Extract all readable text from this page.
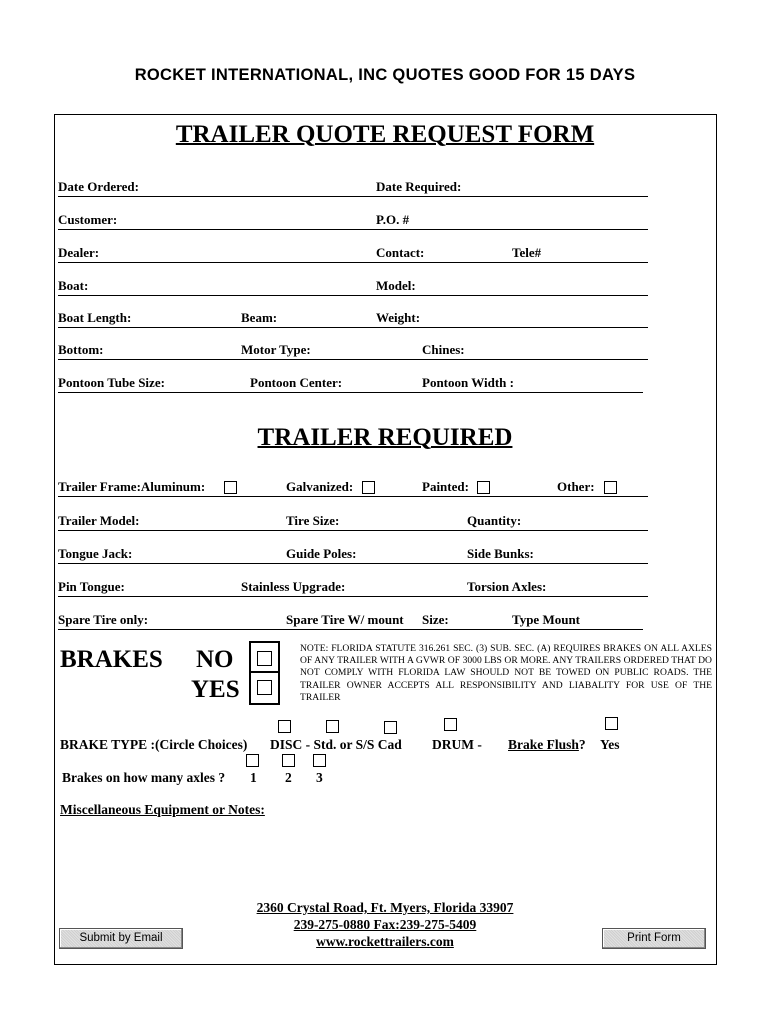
ROCKET INTERNATIONAL, INC QUOTES GOOD FOR 15 DAYS
TRAILER QUOTE REQUEST FORM
Date Ordered:	Date Required:
Customer:	P.O. #
Dealer:	Contact:	Tele#
Boat:	Model:
Boat Length:	Beam:	Weight:
Bottom:	Motor Type:	Chines:
Pontoon Tube Size:	Pontoon Center:	Pontoon Width :
TRAILER REQUIRED
Trailer Frame:Aluminum:	Galvanized:	Painted:	Other:
Trailer Model:	Tire Size:	Quantity:
Tongue Jack:	Guide Poles:	Side Bunks:
Pin Tongue:	Stainless Upgrade:	Torsion Axles:
Spare Tire only:	Spare Tire W/ mount Size:	Type Mount
BRAKES NO
YES
NOTE: FLORIDA STATUTE 316.261 SEC. (3) SUB. SEC. (A) REQUIRES BRAKES ON ALL AXLES OF ANY TRAILER WITH A GVWR OF 3000 LBS OR MORE. ANY TRAILERS ORDERED THAT DO NOT COMPLY WITH FLORIDA LAW SHOULD NOT BE TOWED ON PUBLIC ROADS. THE TRAILER OWNER ACCEPTS ALL RESPONSIBILITY AND LIABALITY FOR USE OF THE TRAILER
BRAKE TYPE :(Circle Choices) DISC - Std. or S/S Cad DRUM - Brake Flush? Yes
Brakes on how many axles ? 1 2 3
Miscellaneous Equipment or Notes:
2360 Crystal Road, Ft. Myers, Florida 33907
239-275-0880 Fax:239-275-5409
www.rockettrailers.com
Submit by Email	Print Form
